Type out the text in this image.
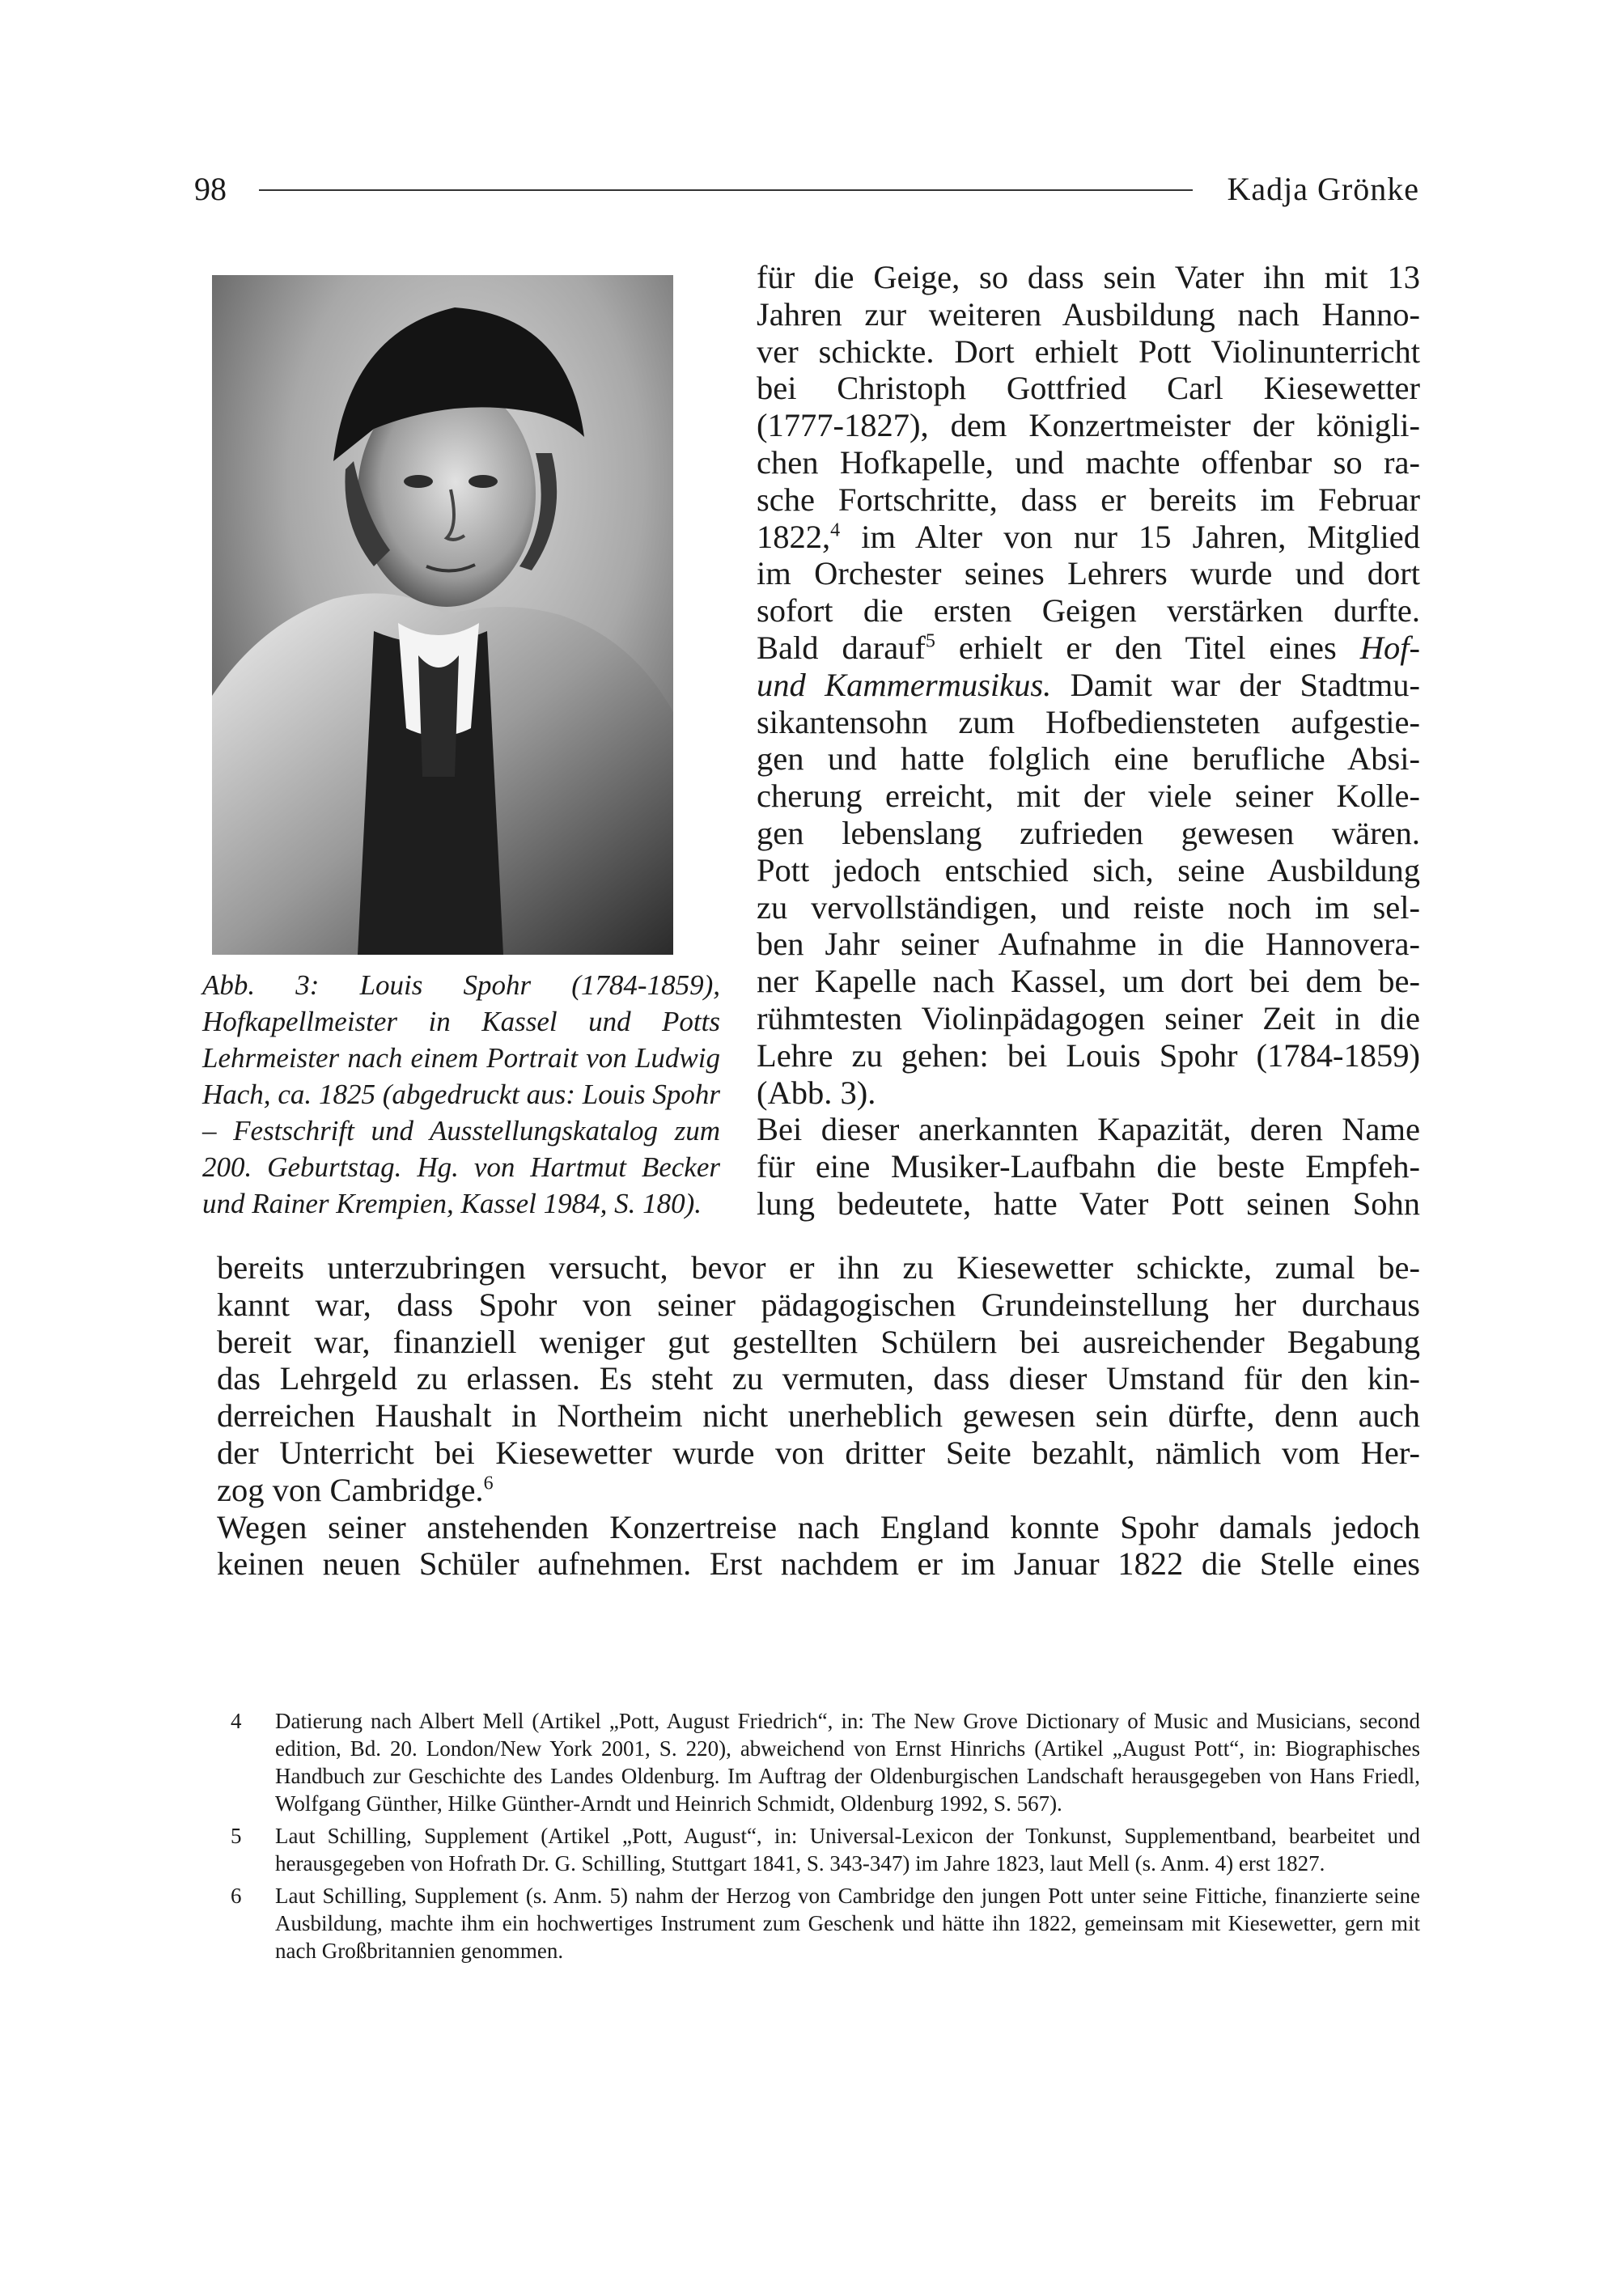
98	Kadja Grönke

Abb. 3: Louis Spohr (1784-1859), Hofkapellmeister in Kassel und Potts Lehrmeister nach einem Portrait von Ludwig Hach, ca. 1825 (abgedruckt aus: Louis Spohr – Festschrift und Ausstellungskatalog zum 200. Geburtstag. Hg. von Hartmut Becker und Rainer Krempien, Kassel 1984, S. 180).

für die Geige, so dass sein Vater ihn mit 13
Jahren zur weiteren Ausbildung nach Hanno-
ver schickte. Dort erhielt Pott Violinunterricht
bei Christoph Gottfried Carl Kiesewetter
(1777-1827), dem Konzertmeister der königli-
chen Hofkapelle, und machte offenbar so ra-
sche Fortschritte, dass er bereits im Februar
1822,$^4$ im Alter von nur 15 Jahren, Mitglied
im Orchester seines Lehrers wurde und dort
sofort die ersten Geigen verstärken durfte.
Bald darauf$^5$ erhielt er den Titel eines Hof-
und Kammermusikus. Damit war der Stadtmu-
sikantensohn zum Hofbediensteten aufgestie-
gen und hatte folglich eine berufliche Absi-
cherung erreicht, mit der viele seiner Kolle-
gen lebenslang zufrieden gewesen wären.
Pott jedoch entschied sich, seine Ausbildung
zu vervollständigen, und reiste noch im sel-
ben Jahr seiner Aufnahme in die Hannovera-
ner Kapelle nach Kassel, um dort bei dem be-
rühmtesten Violinpädagogen seiner Zeit in die
Lehre zu gehen: bei Louis Spohr (1784-1859)
(Abb. 3).
Bei dieser anerkannten Kapazität, deren Name
für eine Musiker-Laufbahn die beste Empfeh-
lung bedeutete, hatte Vater Pott seinen Sohn
bereits unterzubringen versucht, bevor er ihn zu Kiesewetter schickte, zumal be-
kannt war, dass Spohr von seiner pädagogischen Grundeinstellung her durchaus
bereit war, finanziell weniger gut gestellten Schülern bei ausreichender Begabung
das Lehrgeld zu erlassen. Es steht zu vermuten, dass dieser Umstand für den kin-
derreichen Haushalt in Northeim nicht unerheblich gewesen sein dürfte, denn auch
der Unterricht bei Kiesewetter wurde von dritter Seite bezahlt, nämlich vom Her-
zog von Cambridge.$^6$
Wegen seiner anstehenden Konzertreise nach England konnte Spohr damals jedoch
keinen neuen Schüler aufnehmen. Erst nachdem er im Januar 1822 die Stelle eines
4 Datierung nach Albert Mell (Artikel „Pott, August Friedrich“, in: The New Grove Dictionary of Music and Musicians, second edition, Bd. 20. London/New York 2001, S. 220), abweichend von Ernst Hinrichs (Artikel „August Pott“, in: Biographisches Handbuch zur Geschichte des Landes Oldenburg. Im Auftrag der Oldenburgischen Landschaft herausgegeben von Hans Friedl, Wolfgang Günther, Hilke Günther-Arndt und Heinrich Schmidt, Oldenburg 1992, S. 567).
5 Laut Schilling, Supplement (Artikel „Pott, August“, in: Universal-Lexicon der Tonkunst, Supplementband, bearbeitet und herausgegeben von Hofrath Dr. G. Schilling, Stuttgart 1841, S. 343-347) im Jahre 1823, laut Mell (s. Anm. 4) erst 1827.
6 Laut Schilling, Supplement (s. Anm. 5) nahm der Herzog von Cambridge den jungen Pott unter seine Fittiche, finanzierte seine Ausbildung, machte ihm ein hochwertiges Instrument zum Geschenk und hätte ihn 1822, gemeinsam mit Kiesewetter, gern mit nach Großbritannien genommen.
